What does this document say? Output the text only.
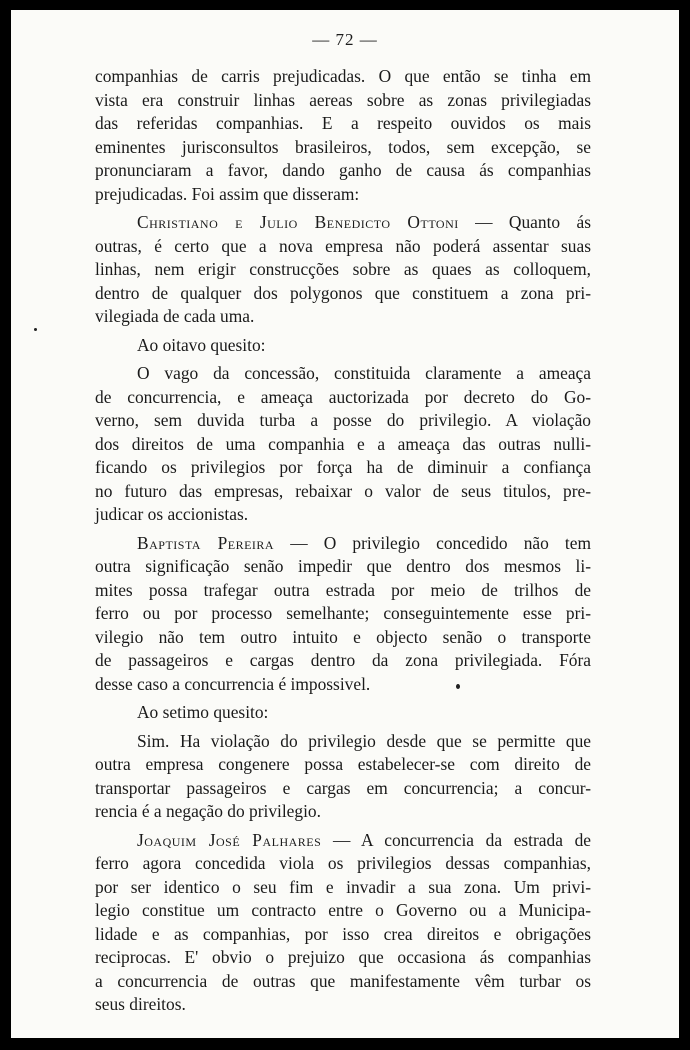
— 72 —
companhias de carris prejudicadas. O que então se tinha em
vista era construir linhas aereas sobre as zonas privilegiadas
das referidas companhias. E a respeito ouvidos os mais
eminentes jurisconsultos brasileiros, todos, sem excepção, se
pronunciaram a favor, dando ganho de causa ás companhias
prejudicadas. Foi assim que disseram:
Christiano e Julio Benedicto Ottoni — Quanto ás
outras, é certo que a nova empresa não poderá assentar suas
linhas, nem erigir construcções sobre as quaes as colloquem,
dentro de qualquer dos polygonos que constituem a zona pri-
vilegiada de cada uma.
Ao oitavo quesito:
O vago da concessão, constituida claramente a ameaça
de concurrencia, e ameaça auctorizada por decreto do Go-
verno, sem duvida turba a posse do privilegio. A violação
dos direitos de uma companhia e a ameaça das outras nulli-
ficando os privilegios por força ha de diminuir a confiança
no futuro das empresas, rebaixar o valor de seus titulos, pre-
judicar os accionistas.
Baptista Pereira — O privilegio concedido não tem
outra significação senão impedir que dentro dos mesmos li-
mites possa trafegar outra estrada por meio de trilhos de
ferro ou por processo semelhante; conseguintemente esse pri-
vilegio não tem outro intuito e objecto senão o transporte
de passageiros e cargas dentro da zona privilegiada. Fóra
desse caso a concurrencia é impossivel.
Ao setimo quesito:
Sim. Ha violação do privilegio desde que se permitte que
outra empresa congenere possa estabelecer-se com direito de
transportar passageiros e cargas em concurrencia; a concur-
rencia é a negação do privilegio.
Joaquim José Palhares — A concurrencia da estrada de
ferro agora concedida viola os privilegios dessas companhias,
por ser identico o seu fim e invadir a sua zona. Um privi-
legio constitue um contracto entre o Governo ou a Municipa-
lidade e as companhias, por isso crea direitos e obrigações
reciprocas. E' obvio o prejuizo que occasiona ás companhias
a concurrencia de outras que manifestamente vêm turbar os
seus direitos.
